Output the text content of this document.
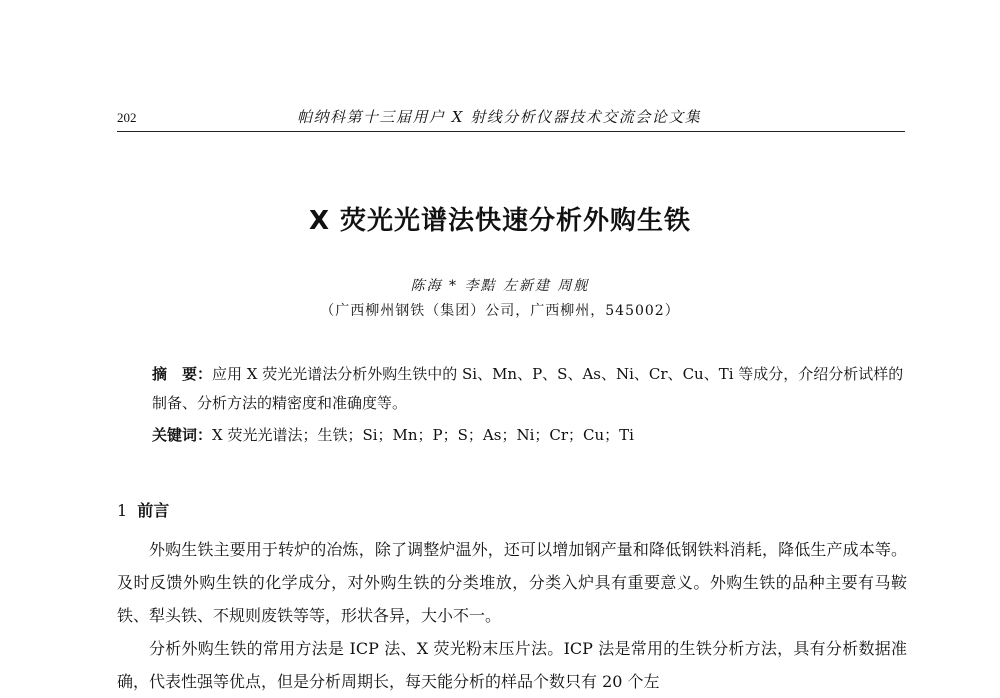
202	帕纳科第十三届用户 X 射线分析仪器技术交流会论文集
X 荧光光谱法快速分析外购生铁
陈海 * 李黠 左新建 周舰
（广西柳州钢铁（集团）公司，广西柳州，545002）
摘　要：应用 X 荧光光谱法分析外购生铁中的 Si、Mn、P、S、As、Ni、Cr、Cu、Ti 等成分，介绍分析试样的制备、分析方法的精密度和准确度等。
关键词：X 荧光光谱法；生铁；Si；Mn；P；S；As；Ni；Cr；Cu；Ti
1 前言

外购生铁主要用于转炉的冶炼，除了调整炉温外，还可以增加钢产量和降低钢铁料消耗，降低生产成本等。及时反馈外购生铁的化学成分，对外购生铁的分类堆放，分类入炉具有重要意义。外购生铁的品种主要有马鞍铁、犁头铁、不规则废铁等等，形状各异，大小不一。

分析外购生铁的常用方法是 ICP 法、X 荧光粉末压片法。ICP 法是常用的生铁分析方法，具有分析数据准确，代表性强等优点，但是分析周期长，每天能分析的样品个数只有 20 个左
